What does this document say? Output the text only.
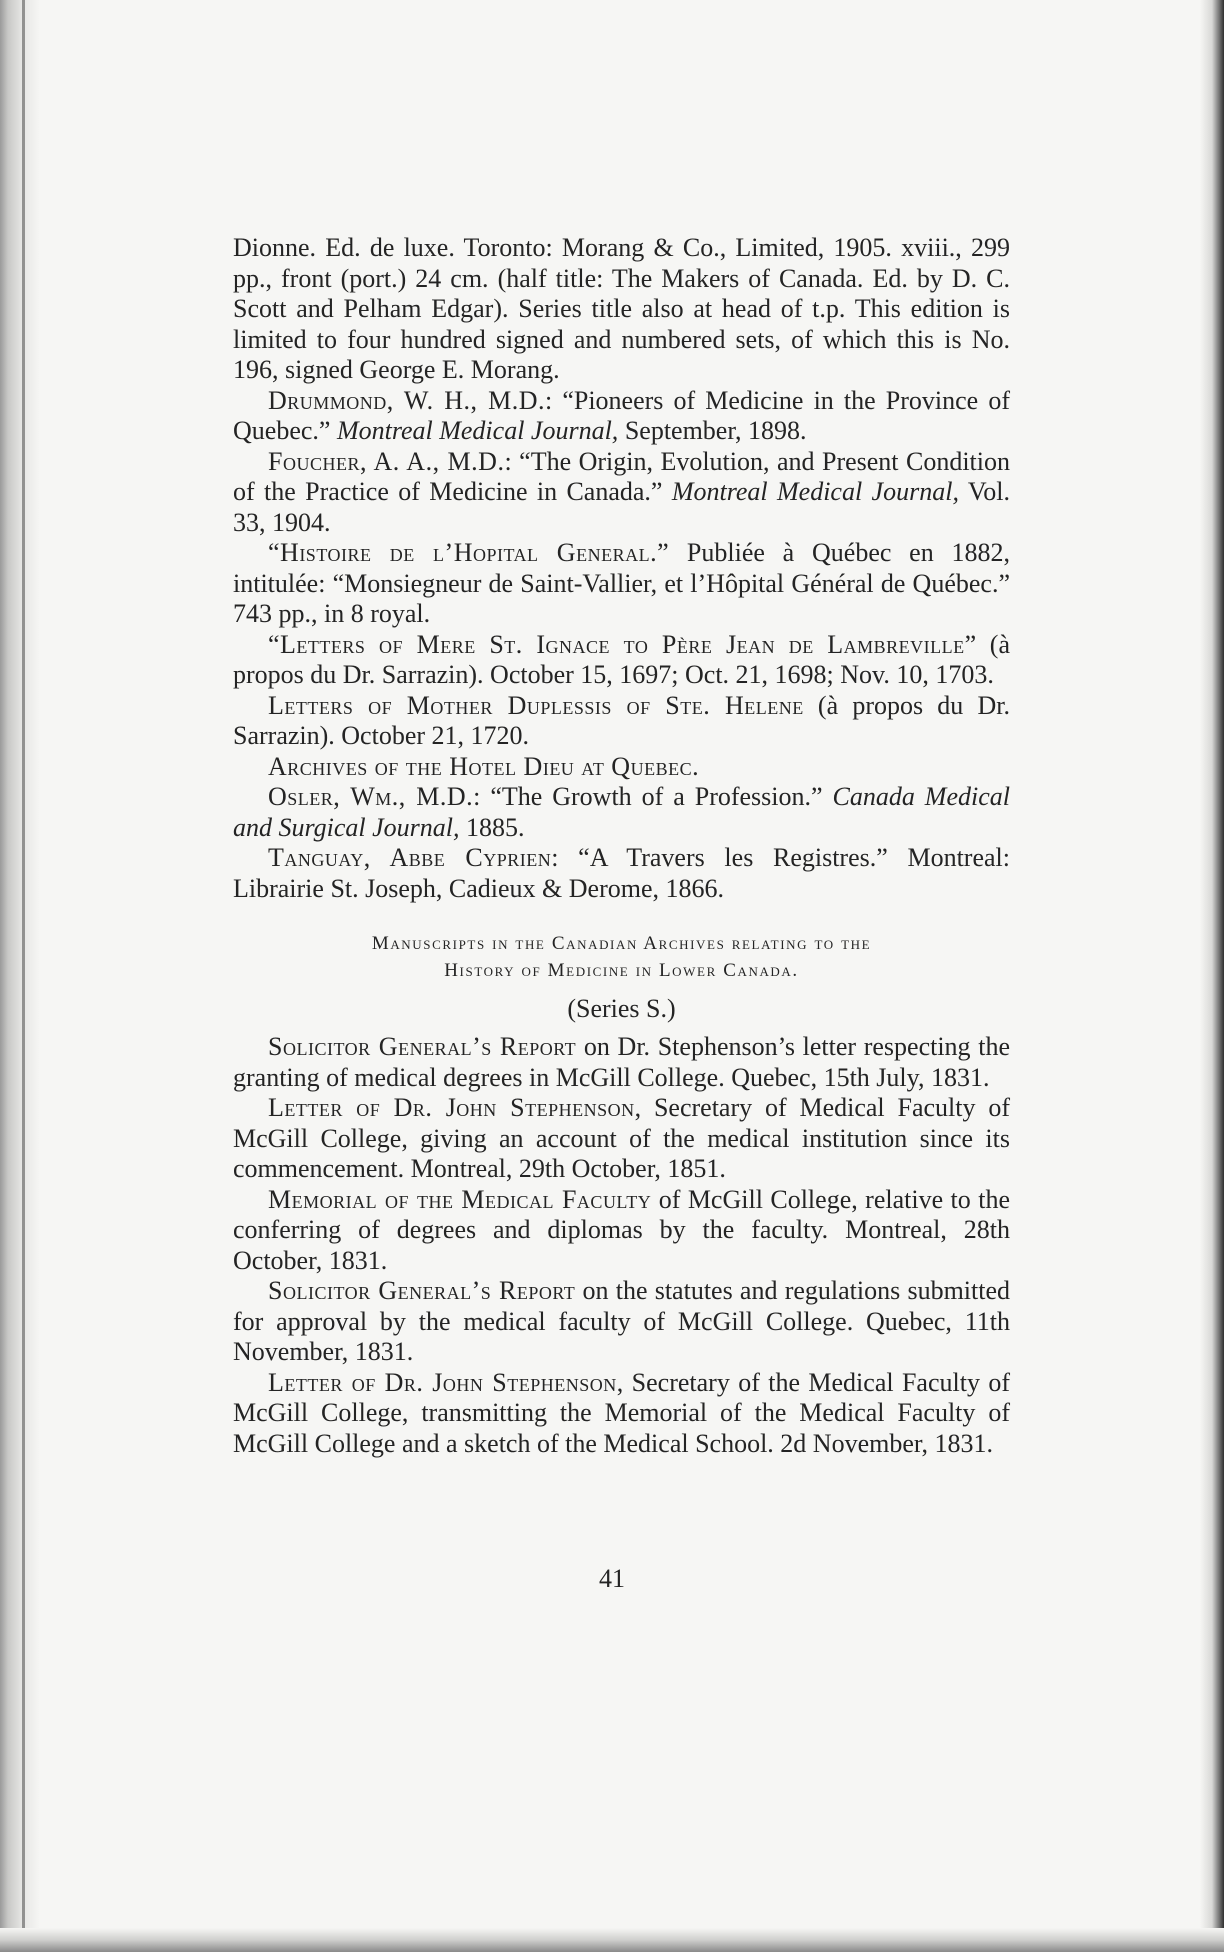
Dionne. Ed. de luxe. Toronto: Morang & Co., Limited, 1905. xviii., 299 pp., front (port.) 24 cm. (half title: The Makers of Canada. Ed. by D. C. Scott and Pelham Edgar). Series title also at head of t.p. This edition is limited to four hundred signed and numbered sets, of which this is No. 196, signed George E. Morang.

Drummond, W. H., M.D.: “Pioneers of Medicine in the Province of Quebec.” Montreal Medical Journal, September, 1898.

Foucher, A. A., M.D.: “The Origin, Evolution, and Present Condition of the Practice of Medicine in Canada.” Montreal Medical Journal, Vol. 33, 1904.

“Histoire de l’Hopital General.” Publiée à Québec en 1882, intitulée: “Monsiegneur de Saint-Vallier, et l’Hôpital Général de Québec.” 743 pp., in 8 royal.

“Letters of Mere St. Ignace to Père Jean de Lambreville” (à propos du Dr. Sarrazin). October 15, 1697; Oct. 21, 1698; Nov. 10, 1703.

Letters of Mother Duplessis of Ste. Helene (à propos du Dr. Sarrazin). October 21, 1720.

Archives of the Hotel Dieu at Quebec.

Osler, Wm., M.D.: “The Growth of a Profession.” Canada Medical and Surgical Journal, 1885.

Tanguay, Abbe Cyprien: “A Travers les Registres.” Montreal: Librairie St. Joseph, Cadieux & Derome, 1866.

Manuscripts in the Canadian Archives relating to the
History of Medicine in Lower Canada.

(Series S.)

Solicitor General’s Report on Dr. Stephenson’s letter respecting the granting of medical degrees in McGill College. Quebec, 15th July, 1831.

Letter of Dr. John Stephenson, Secretary of Medical Faculty of McGill College, giving an account of the medical institution since its commencement. Montreal, 29th October, 1851.

Memorial of the Medical Faculty of McGill College, relative to the conferring of degrees and diplomas by the faculty. Montreal, 28th October, 1831.

Solicitor General’s Report on the statutes and regulations submitted for approval by the medical faculty of McGill College. Quebec, 11th November, 1831.

Letter of Dr. John Stephenson, Secretary of the Medical Faculty of McGill College, transmitting the Memorial of the Medical Faculty of McGill College and a sketch of the Medical School. 2d November, 1831.

41
